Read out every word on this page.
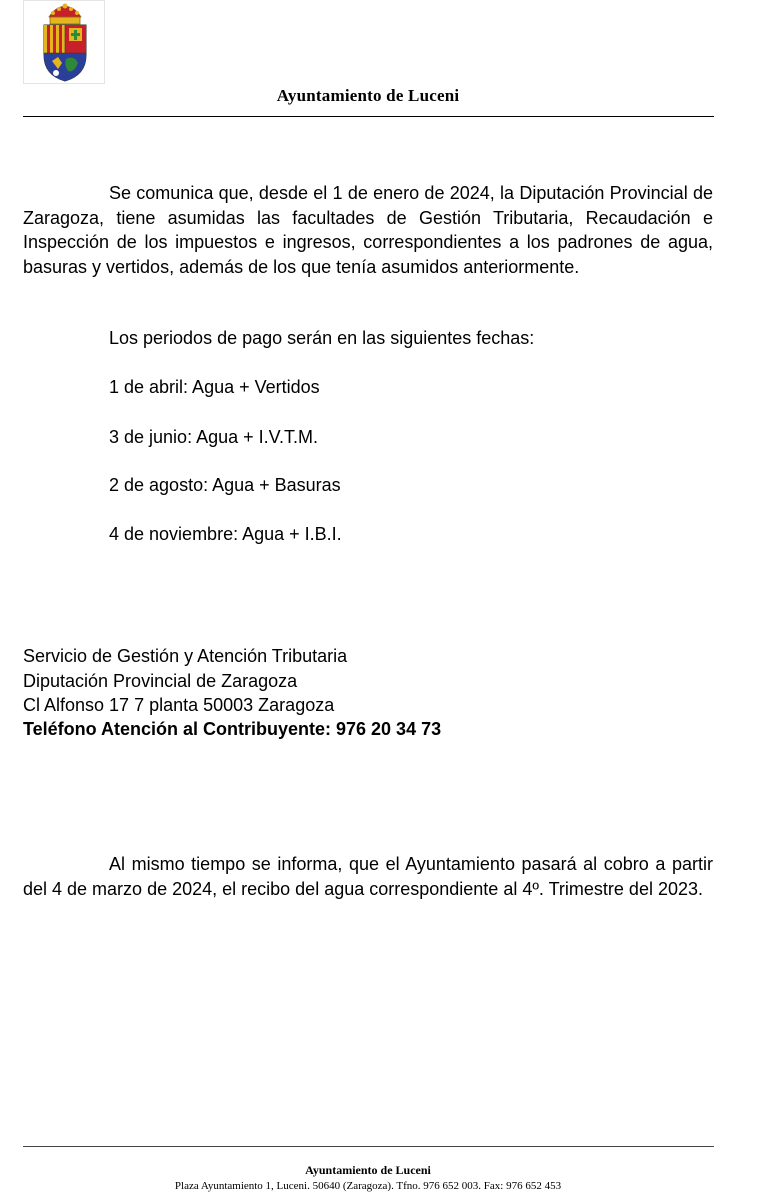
Ayuntamiento de Luceni

Se comunica que, desde el 1 de enero de 2024, la Diputación Provincial de Zaragoza, tiene asumidas las facultades de Gestión Tributaria, Recaudación e Inspección de los impuestos e ingresos, correspondientes a los padrones de agua, basuras y vertidos, además de los que tenía asumidos anteriormente.

Los periodos de pago serán en las siguientes fechas:
1 de abril: Agua + Vertidos
3 de junio: Agua + I.V.T.M.
2 de agosto: Agua + Basuras
4 de noviembre: Agua + I.B.I.
Servicio de Gestión y Atención Tributaria
Diputación Provincial de Zaragoza
Cl Alfonso 17 7 planta 50003 Zaragoza
Teléfono Atención al Contribuyente: 976 20 34 73

Al mismo tiempo se informa, que el Ayuntamiento pasará al cobro a partir del 4 de marzo de 2024, el recibo del agua correspondiente al 4º. Trimestre del 2023.

Ayuntamiento de Luceni
Plaza Ayuntamiento 1, Luceni. 50640 (Zaragoza). Tfno. 976 652 003. Fax: 976 652 453
